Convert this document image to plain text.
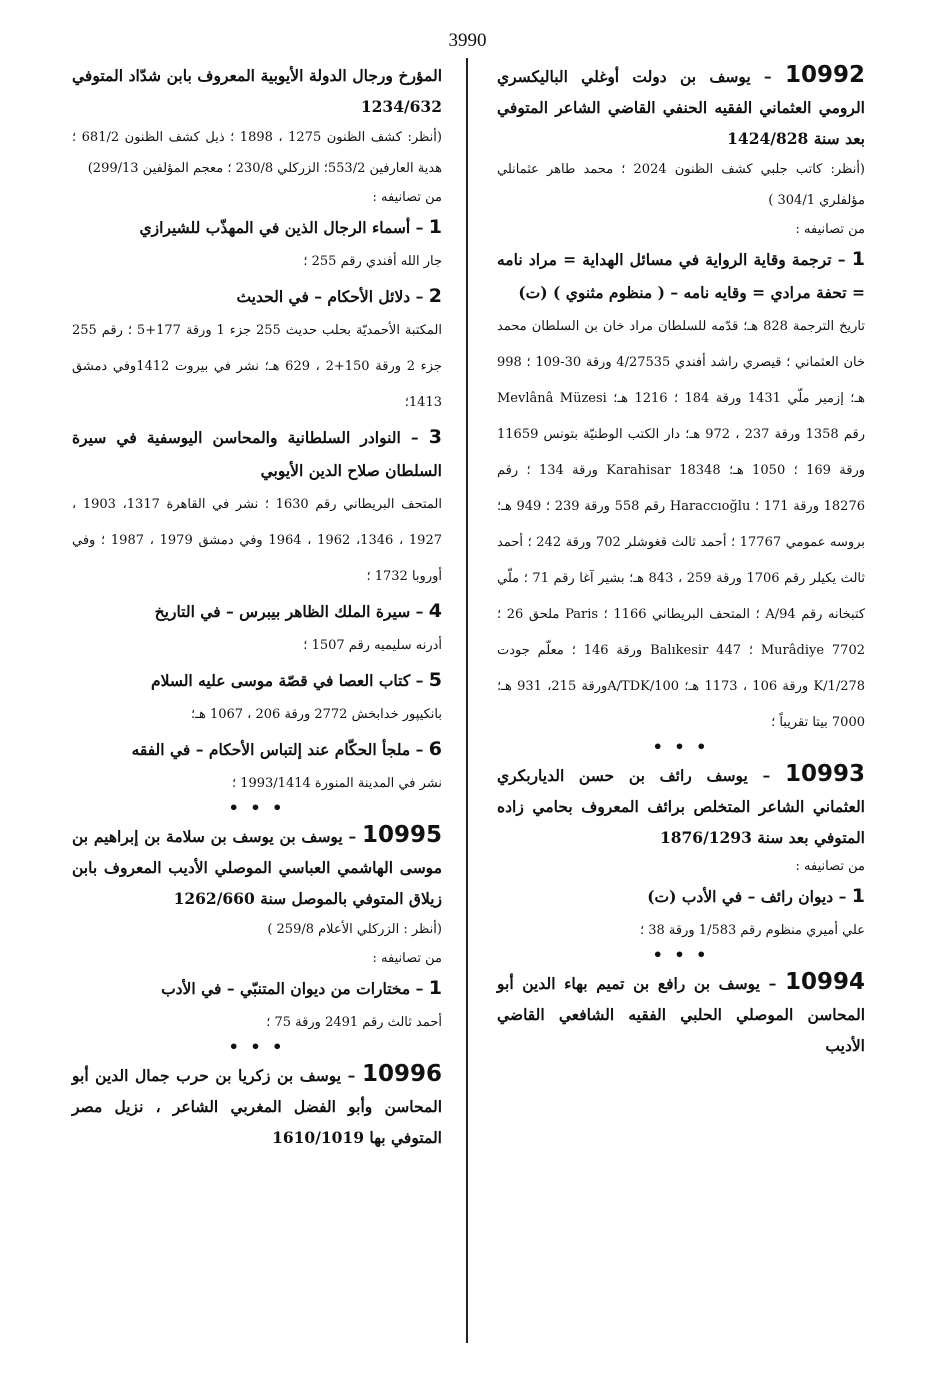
3990

10992 – يوسف بن دولت أوغلي الباليكسري الرومي العثماني الفقيه الحنفي القاضي الشاعر المتوفي بعد سنة 1424/828

(أنظر: كاتب جلبي كشف الظنون 2024 ؛ محمد طاهر عثمانلي مؤلفلري 304/1 )

من تصانيفه :

1 – ترجمة وقاية الرواية في مسائل الهداية = مراد نامه = تحفة مرادي = وقايه نامه – ( منظوم مثنوي ) (ت)

تاريخ الترجمة 828 هـ؛ قدّمه للسلطان مراد خان بن السلطان محمد خان العثماني ؛ قيصري راشد أفندي 4/27535 ورقة 30-109 ؛ 998 هـ؛ إزمير ملّي 1431 ورقة 184 ؛ 1216 هـ؛ Mevlânâ Müzesi رقم 1358 ورقة 237 ، 972 هـ؛ دار الكتب الوطنيّة بتونس 11659 ورقة 169 ؛ 1050 هـ؛ Karahisar 18348 ورقة 134 ؛ رقم 18276 ورقة 171 ؛ Haraccıoğlu رقم 558 ورقة 239 ؛ 949 هـ؛ بروسه عمومي 17767 ؛ أحمد ثالث قغوشلر 702 ورقة 242 ؛ أحمد ثالث يكيلر رقم 1706 ورقة 259 ، 843 هـ؛ بشير آغا رقم 71 ؛ ملّي كتبخانه رقم 94/A ؛ المتحف البريطاني 1166 ؛ Paris ملحق 26 ؛ Murâdiye 7702 ؛ Balıkesir 447 ورقة 146 ؛ معلّم جودت 1/278/K ورقة 106 ، 1173 هـ؛ 100/A/TDKورقة 215، 931 هـ؛ 7000 بيتا تقريباً ؛

• • •

10993 – يوسف رائف بن حسن الدياربكري العثماني الشاعر المتخلص برائف المعروف بحامي زاده المتوفي بعد سنة 1876/1293

من تصانيفه :

1 – ديوان رائف – في الأدب (ت)

علي أميري منظوم رقم 1/583 ورقة 38 ؛

• • •

10994 – يوسف بن رافع بن تميم بهاء الدين أبو المحاسن الموصلي الحلبي الفقيه الشافعي القاضي الأديب

المؤرخ ورجال الدولة الأيوبية المعروف بابن شدّاد المتوفي 1234/632

(أنظر: كشف الظنون 1275 ، 1898 ؛ ذيل كشف الظنون 681/2 ؛ هدية العارفين 553/2؛ الزركلي 230/8 ؛ معجم المؤلفين 299/13)

من تصانيفه :

1 – أسماء الرجال الذين في المهذّب للشيرازي

جار الله أفندي رقم 255 ؛

2 – دلائل الأحكام – في الحديث

المكتبة الأحمديّة بحلب حديث 255 جزء 1 ورقة 177+5 ؛ رقم 255 جزء 2 ورقة 150+2 ، 629 هـ؛ نشر في بيروت 1412وفي دمشق 1413؛

3 – النوادر السلطانية والمحاسن اليوسفية في سيرة السلطان صلاح الدين الأيوبي

المتحف البريطاني رقم 1630 ؛ نشر في القاهرة 1317، 1903 ، 1927 ، 1346، 1962 ، 1964 وفي دمشق 1979 ، 1987 ؛ وفي أوروبا 1732 ؛

4 – سيرة الملك الظاهر بيبرس – في التاريخ

أدرنه سليميه رقم 1507 ؛

5 – كتاب العصا في قصّة موسى عليه السلام

بانكيپور خدابخش 2772 ورقة 206 ، 1067 هـ؛

6 – ملجأ الحكّام عند إلتباس الأحكام – في الفقه

نشر في المدينة المنورة 1993/1414 ؛

• • •

10995 – يوسف بن يوسف بن سلامة بن إبراهيم بن موسى الهاشمي العباسي الموصلي الأديب المعروف بابن زيلاق المتوفي بالموصل سنة 1262/660

(أنظر : الزركلي الأعلام 259/8 )

من تصانيفه :

1 – مختارات من ديوان المتنبّي – في الأدب

أحمد ثالث رقم 2491 ورقة 75 ؛

• • •

10996 – يوسف بن زكريا بن حرب جمال الدين أبو المحاسن وأبو الفضل المغربي الشاعر ، نزيل مصر المتوفي بها 1610/1019
